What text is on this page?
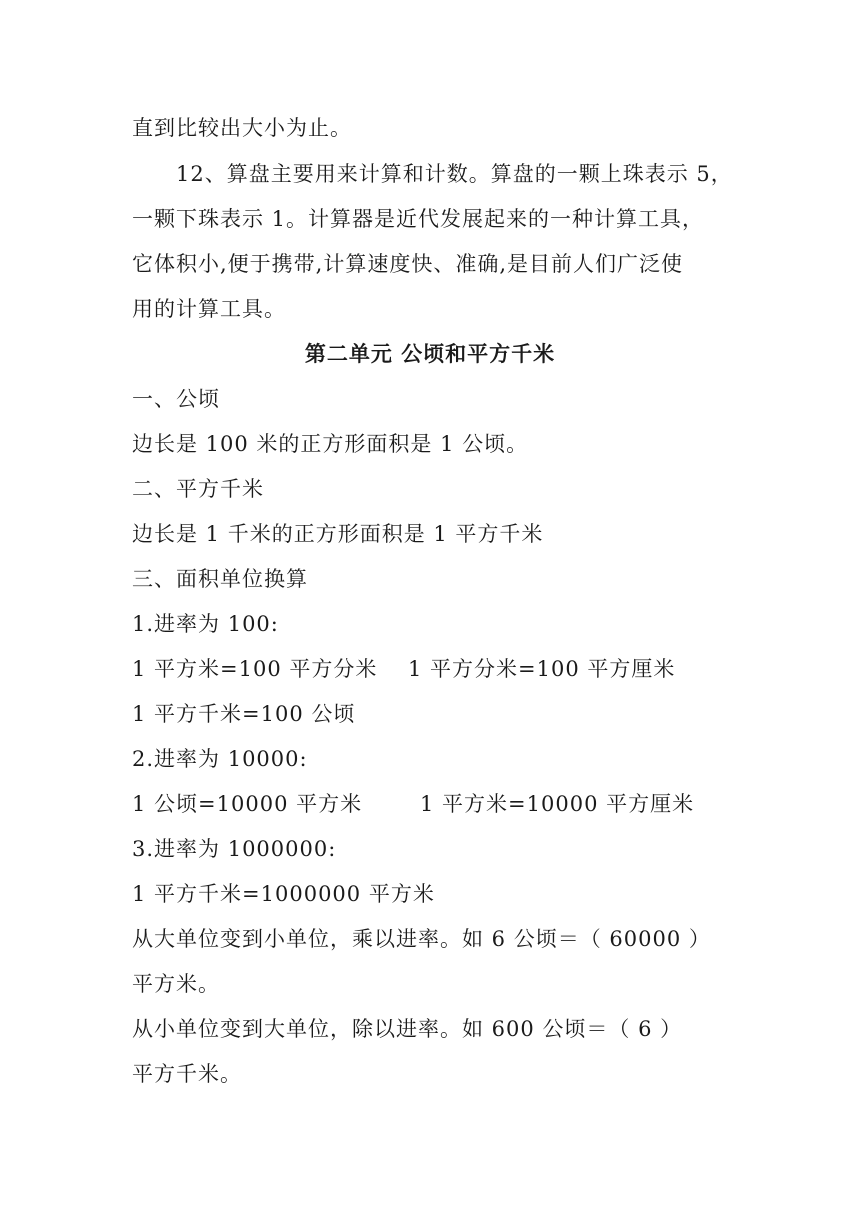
直到比较出大小为止。
12、算盘主要用来计算和计数。算盘的一颗上珠表示 5，
一颗下珠表示 1。计算器是近代发展起来的一种计算工具，
它体积小,便于携带,计算速度快、准确,是目前人们广泛使
用的计算工具。
第二单元 公顷和平方千米
一、公顷
边长是 100 米的正方形面积是 1 公顷。
二、平方千米
边长是 1 千米的正方形面积是 1 平方千米
三、面积单位换算
1.进率为 100:
1 平方米=100 平方分米 1 平方分米=100 平方厘米
1 平方千米=100 公顷
2.进率为 10000:
1 公顷=10000 平方米	1 平方米=10000 平方厘米
3.进率为 1000000:
1 平方千米=1000000 平方米
从大单位变到小单位，乘以进率。如 6 公顷＝（ 60000 ）
平方米。
从小单位变到大单位，除以进率。如 600 公顷＝（ 6 ）
平方千米。
